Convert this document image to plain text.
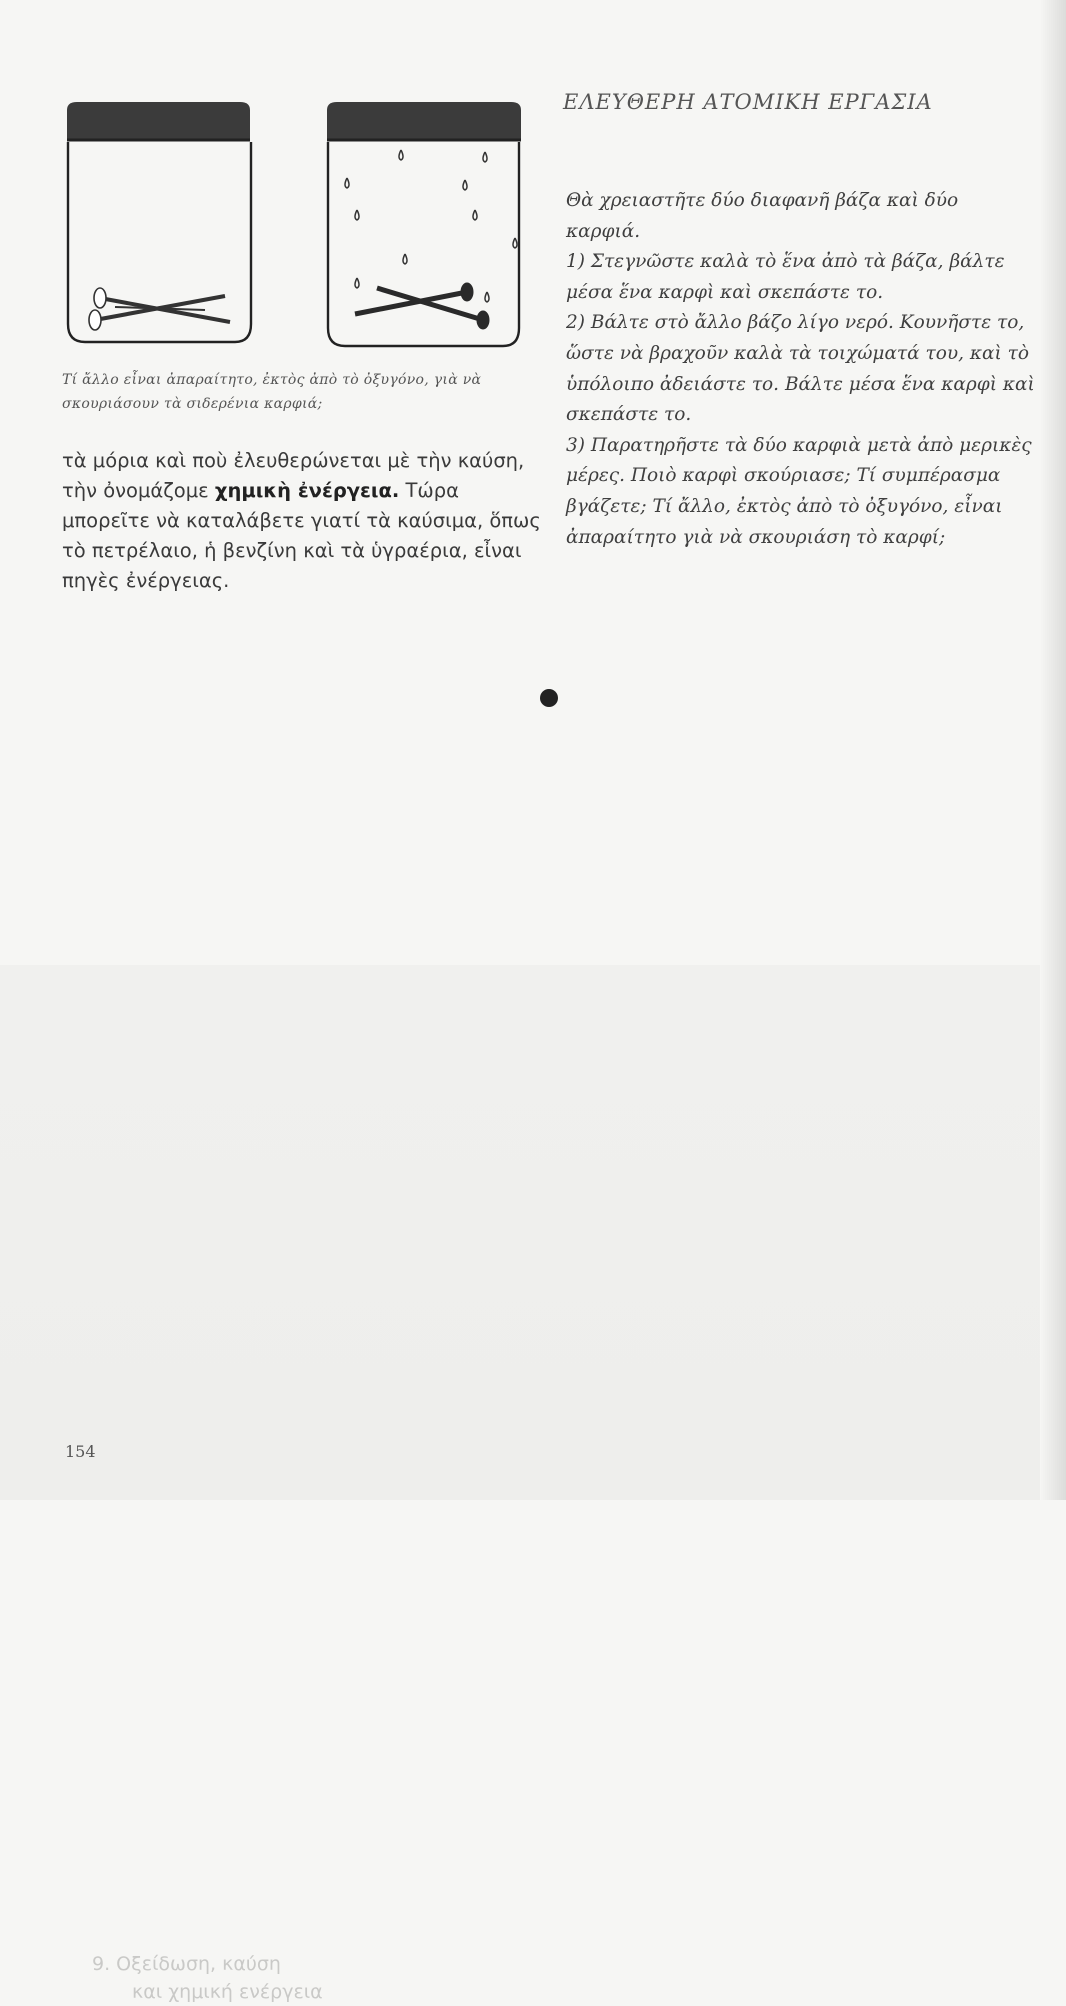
9. Οξείδωση, καύση
και χημική ενέργεια
Τί ἄλλο εἶναι ἀπαραίτητο, ἐκτὸς ἀπὸ τὸ ὀξυγόνο, γιὰ νὰ σκουριάσουν τὰ σιδερένια καρφιά;
τὰ μόρια καὶ ποὺ ἐλευθερώνεται μὲ τὴν καύση, τὴν ὀνομάζομε χημικὴ ἐνέργεια. Τώρα μπορεῖτε νὰ καταλάβετε γιατί τὰ καύσιμα, ὅπως τὸ πετρέλαιο, ἡ βενζίνη καὶ τὰ ὑγραέρια, εἶναι πηγὲς ἐνέργειας.
ΕΛΕΥΘΕΡΗ ΑΤΟΜΙΚΗ ΕΡΓΑΣΙΑ

Θὰ χρειαστῆτε δύο διαφανῆ βάζα καὶ δύο καρφιά.

1) Στεγνῶστε καλὰ τὸ ἕνα ἀπὸ τὰ βάζα, βάλτε μέσα ἕνα καρφὶ καὶ σκεπάστε το.

2) Βάλτε στὸ ἄλλο βάζο λίγο νερό. Κουνῆστε το, ὥστε νὰ βραχοῦν καλὰ τὰ τοιχώματά του, καὶ τὸ ὑπόλοιπο ἀδειάστε το. Βάλτε μέσα ἕνα καρφὶ καὶ σκεπάστε το.

3) Παρατηρῆστε τὰ δύο καρφιὰ μετὰ ἀπὸ μερικὲς μέρες. Ποιὸ καρφὶ σκούριασε; Τί συμπέρασμα βγάζετε; Τί ἄλλο, ἐκτὸς ἀπὸ τὸ ὀξυγόνο, εἶναι ἀπαραίτητο γιὰ νὰ σκουριάση τὸ καρφί;

154
